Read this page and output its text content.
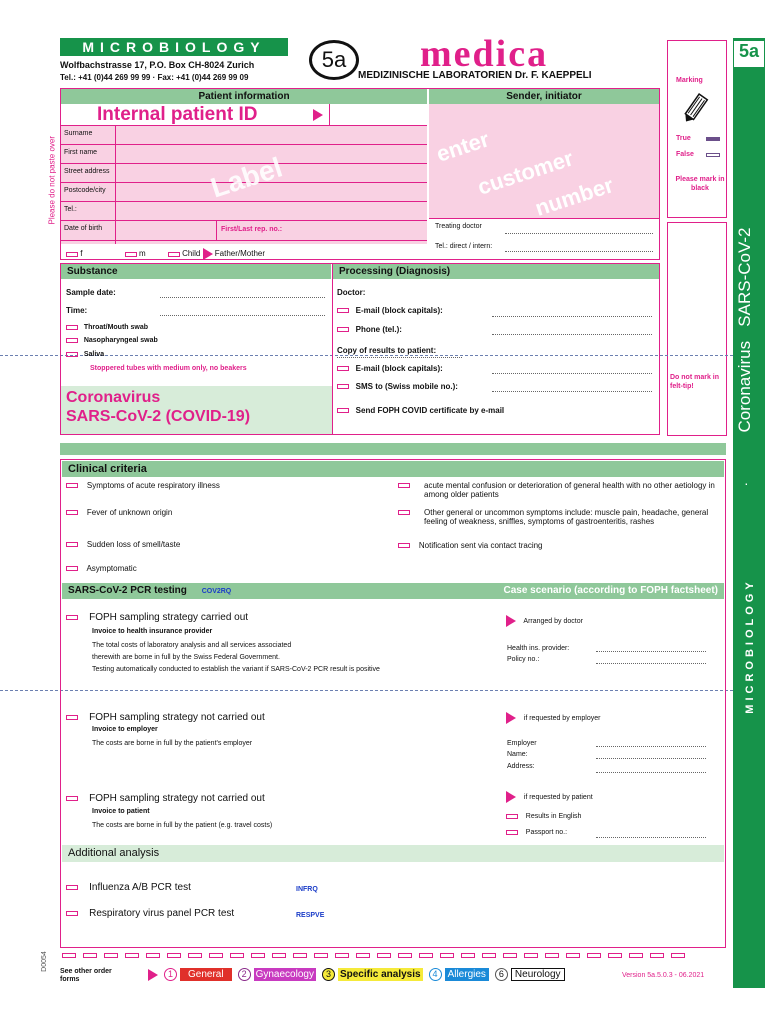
MICROBIOLOGY
Wolfbachstrasse 17, P.O. Box CH-8024 Zurich
Tel.: +41 (0)44 269 99 99 · Fax: +41 (0)44 269 99 09
5a	medica
MEDIZINISCHE LABORATORIEN Dr. F. KAEPPELI
5a
Coronavirus   SARS-CoV-2
·
MICROBIOLOGY
Marking
True
False
Please mark in black
Do not mark in felt-tip!
Please do not paste over
Patient information	Sender, initiator
Internal patient ID
Surname
First name
Street address
Postcode/city
Tel.:
Date of birth	First/Last rep. no.:
Label
f	m	Child Father/Mother
enter
customer
number
Treating doctor
Tel.: direct / intern:
Substance	Processing (Diagnosis)
Sample date:
Time:
Throat/Mouth swab
Nasopharyngeal swab
Saliva
Stoppered tubes with medium only, no beakers
Coronavirus
SARS-CoV-2 (COVID-19)
Doctor:
E-mail (block capitals):
Phone (tel.):
Copy of results to patient:
E-mail (block capitals):
SMS to (Swiss mobile no.):
Send FOPH COVID certificate by e-mail
Clinical criteria
Symptoms of acute respiratory illness
Fever of unknown origin
Sudden loss of smell/taste
Asymptomatic
acute mental confusion or deterioration of general health with no other aetiology in among older patients
Other general or uncommon symptoms include: muscle pain, headache, general feeling of weakness, sniffles, symptoms of gastroenteritis, rashes
Notification sent via contact tracing
SARS-CoV-2 PCR testing COV2RQ	Case scenario (according to FOPH factsheet)
FOPH sampling strategy carried out
Invoice to health insurance provider
The total costs of laboratory analysis and all services associated
therewith are borne in full by the Swiss Federal Government.
Testing automatically conducted to establish the variant if SARS-CoV-2 PCR result is positive
Arranged by doctor
Health ins. provider:
Policy no.:
FOPH sampling strategy not carried out
Invoice to employer
The costs are borne in full by the patient's employer
if requested by employer
Employer
Name:
Address:
FOPH sampling strategy not carried out
Invoice to patient
The costs are borne in full by the patient (e.g. travel costs)
if requested by patient
Results in English
Passport no.:
Additional analysis
Influenza A/B PCR test	INFRQ
Respiratory virus panel PCR test	RESPVE
D0054 See other order forms
1	General	2 Gynaecology	3 Specific analysis	4	Allergies	6	Neurology	Version 5a.5.0.3 - 06.2021
